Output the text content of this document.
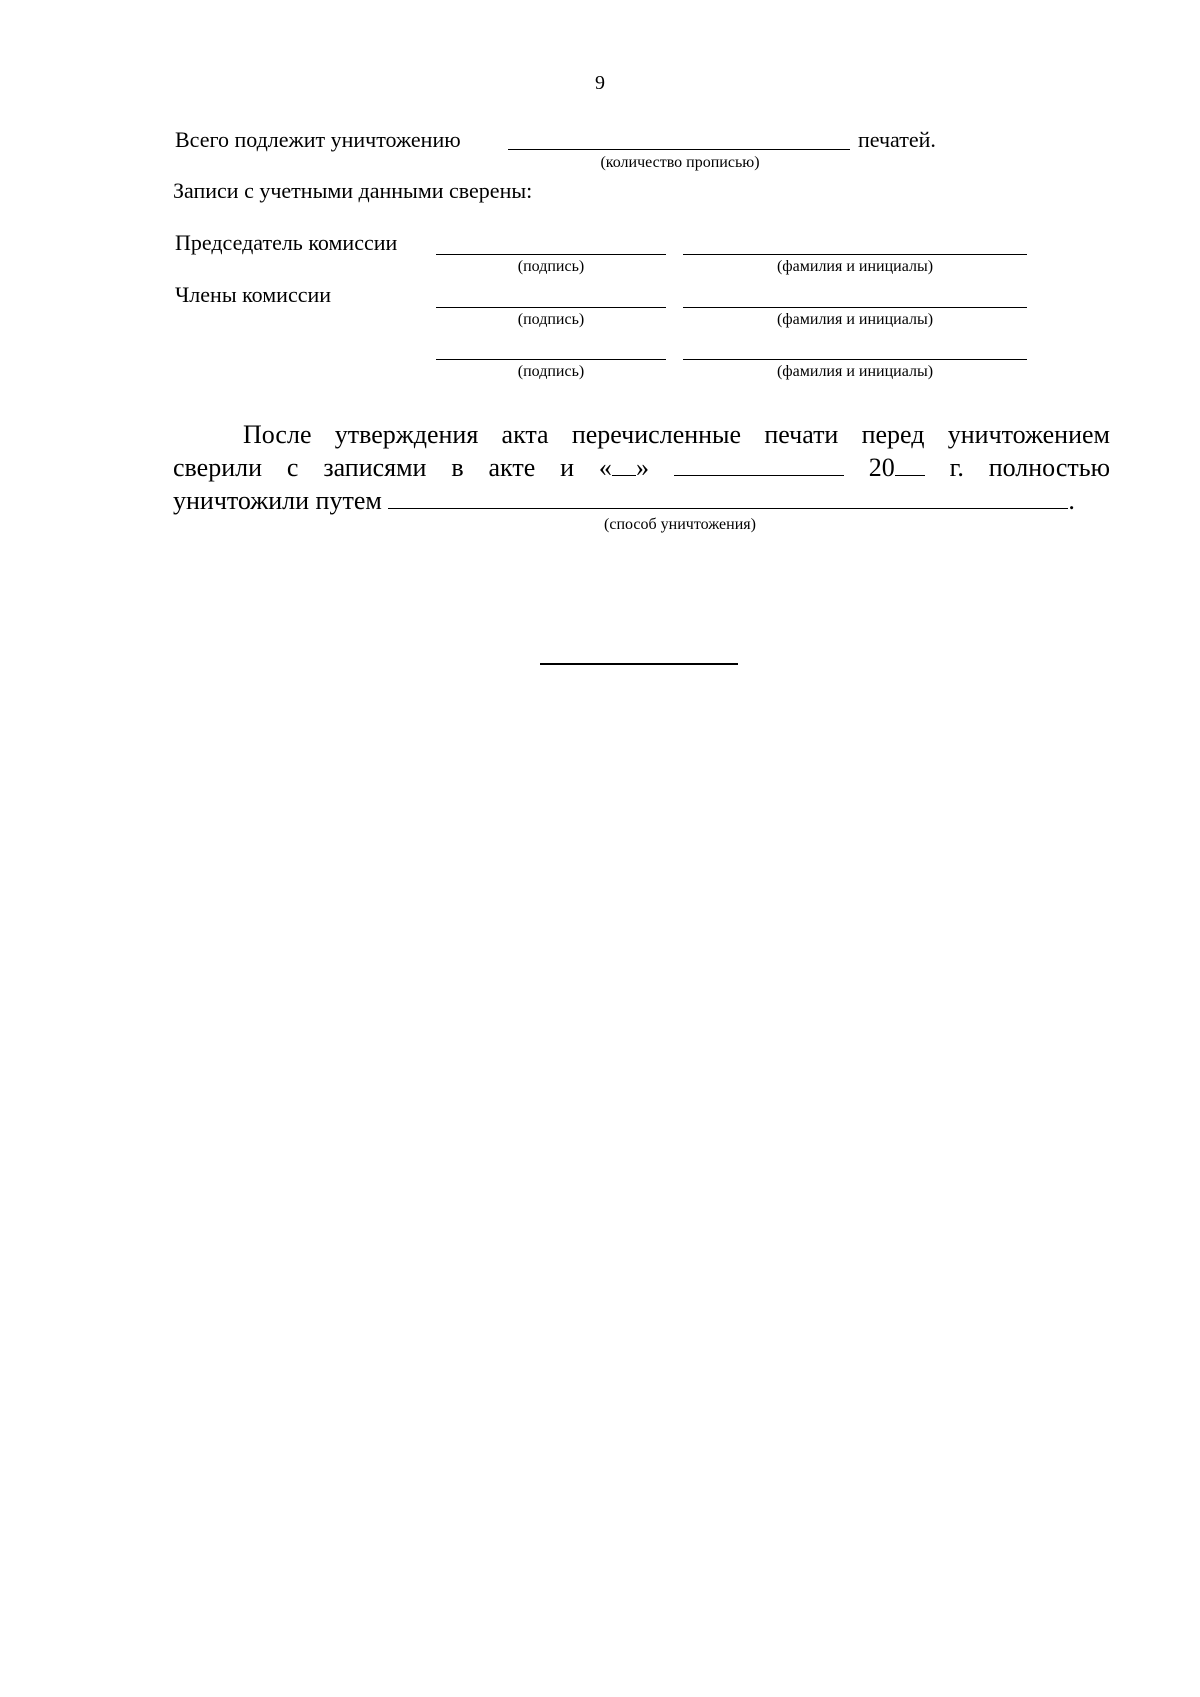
9
Всего подлежит уничтожению	печатей.
(количество прописью)
Записи с учетными данными сверены:
Председатель комиссии
(подпись)	(фамилия и инициалы)
Члены комиссии
(подпись)	(фамилия и инициалы)
(подпись)	(фамилия и инициалы)
После утверждения акта перечисленные печати перед уничтожением
сверили с записями в акте и « »	20 г. полностью
уничтожили путем	.
(способ уничтожения)
